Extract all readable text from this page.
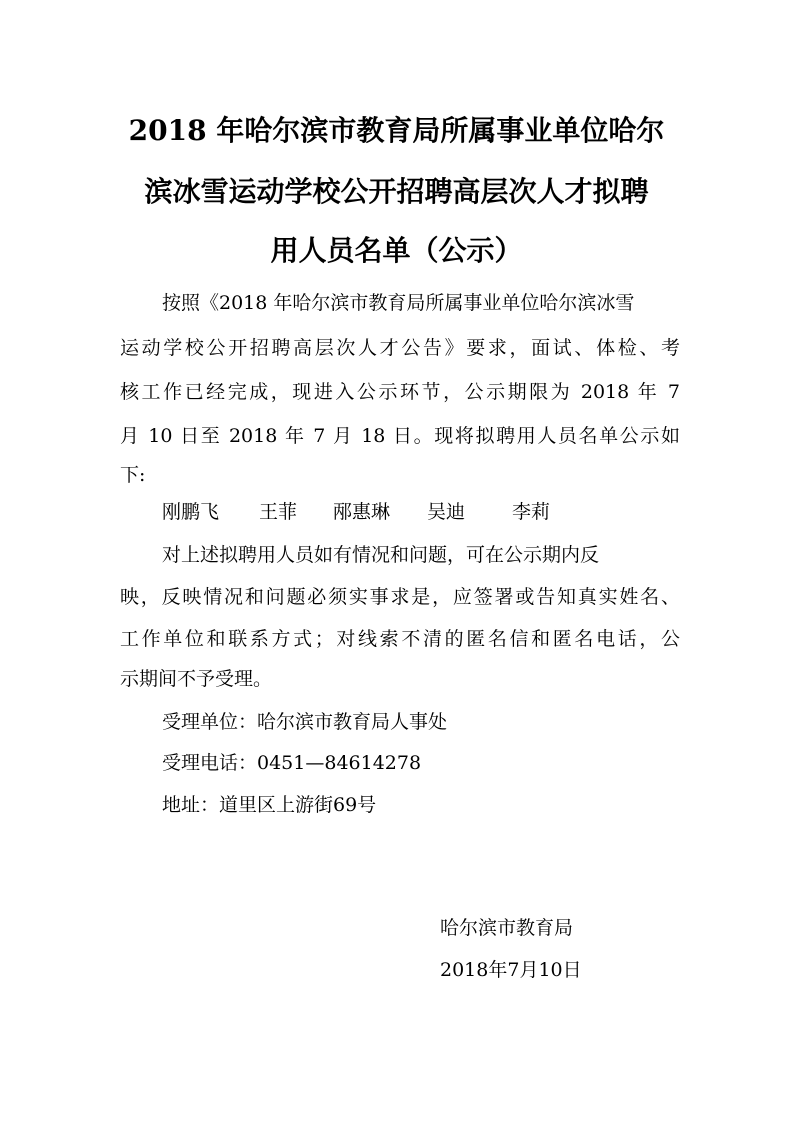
2018 年哈尔滨市教育局所属事业单位哈尔
滨冰雪运动学校公开招聘高层次人才拟聘
用人员名单（公示）
按照《2018 年哈尔滨市教育局所属事业单位哈尔滨冰雪
运动学校公开招聘高层次人才公告》要求，面试、体检、考
核工作已经完成，现进入公示环节，公示期限为 2018 年 7
月 10 日至 2018 年 7 月 18 日。现将拟聘用人员名单公示如
下:
刚鹏飞 王菲 邴惠琳 吴迪 李莉
对上述拟聘用人员如有情况和问题，可在公示期内反
映，反映情况和问题必须实事求是，应签署或告知真实姓名、
工作单位和联系方式；对线索不清的匿名信和匿名电话，公
示期间不予受理。
受理单位：哈尔滨市教育局人事处
受理电话：0451—84614278
地址：道里区上游街69号
哈尔滨市教育局
2018年7月10日
